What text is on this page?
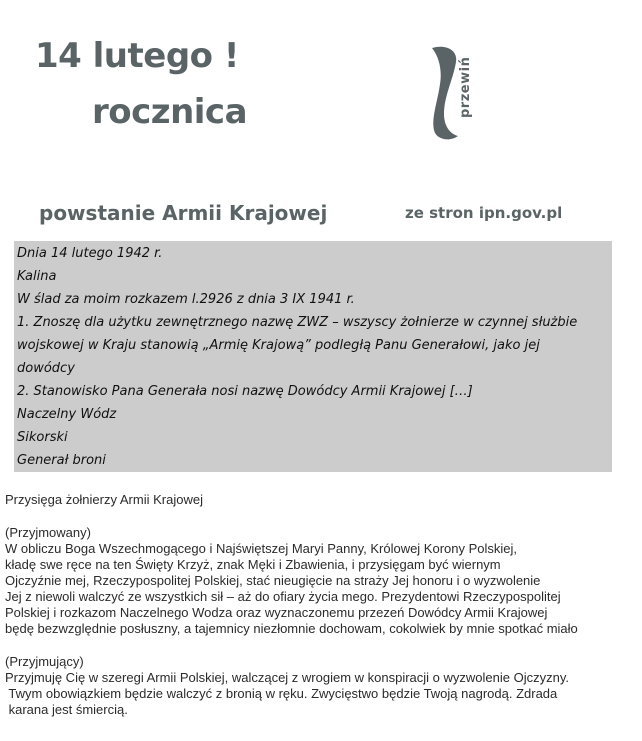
14 lutego !
rocznica	przewiń
powstanie Armii Krajowej	ze stron ipn.gov.pl
Dnia 14 lutego 1942 r.
Kalina
W ślad za moim rozkazem l.2926 z dnia 3 IX 1941 r.
1. Znoszę dla użytku zewnętrznego nazwę ZWZ – wszyscy żołnierze w czynnej służbie
wojskowej w Kraju stanowią „Armię Krajową” podległą Panu Generałowi, jako jej
dowódcy
2. Stanowisko Pana Generała nosi nazwę Dowódcy Armii Krajowej […]
Naczelny Wódz
Sikorski
Generał broni
Przysięga żołnierzy Armii Krajowej
(Przyjmowany)
W obliczu Boga Wszechmogącego i Najświętszej Maryi Panny, Królowej Korony Polskiej,
kładę swe ręce na ten Święty Krzyż, znak Męki i Zbawienia, i przysięgam być wiernym
Ojczyźnie mej, Rzeczypospolitej Polskiej, stać nieugięcie na straży Jej honoru i o wyzwolenie
Jej z niewoli walczyć ze wszystkich sił – aż do ofiary życia mego. Prezydentowi Rzeczypospolitej
Polskiej i rozkazom Naczelnego Wodza oraz wyznaczonemu przezeń Dowódcy Armii Krajowej
będę bezwzględnie posłuszny, a tajemnicy niezłomnie dochowam, cokolwiek by mnie spotkać miało
(Przyjmujący)
Przyjmuję Cię w szeregi Armii Polskiej, walczącej z wrogiem w konspiracji o wyzwolenie Ojczyzny.
Twym obowiązkiem będzie walczyć z bronią w ręku. Zwycięstwo będzie Twoją nagrodą. Zdrada
karana jest śmiercią.
